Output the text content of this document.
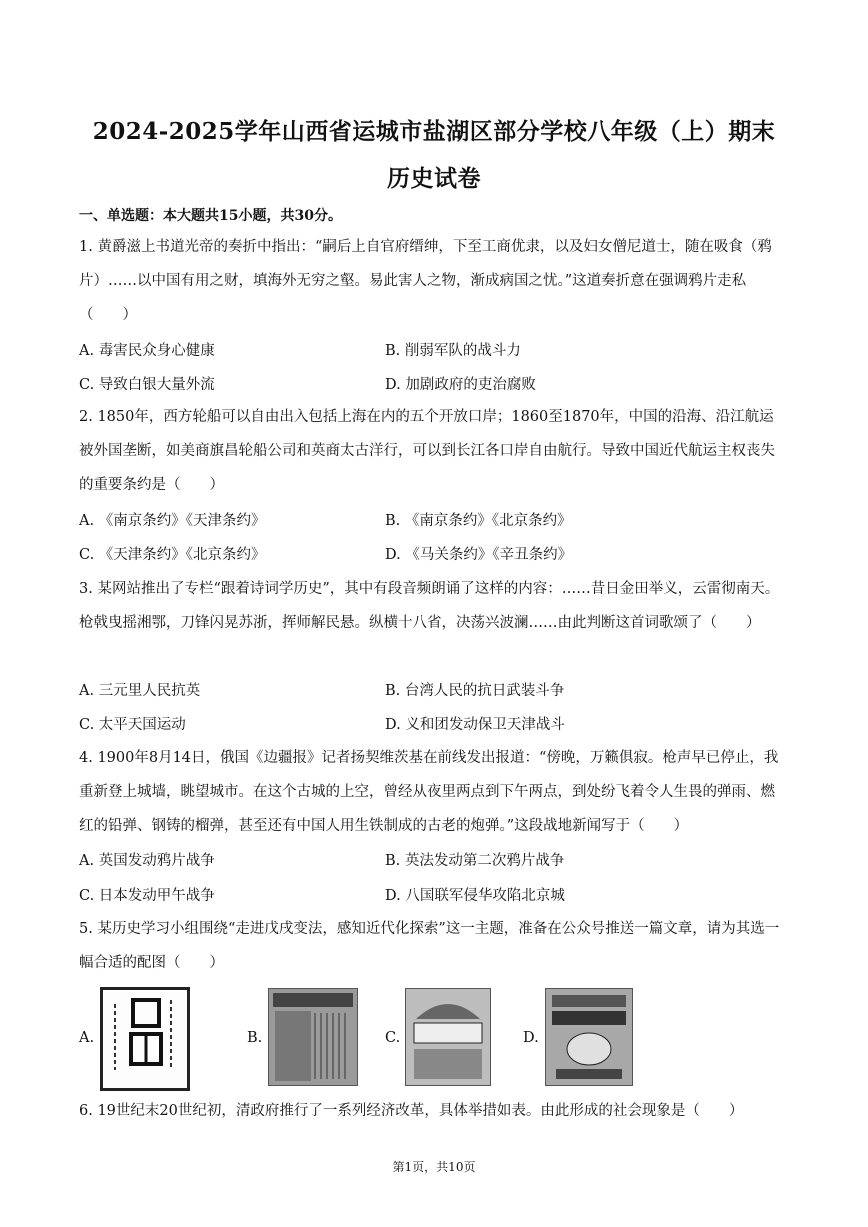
2024-2025学年山西省运城市盐湖区部分学校八年级（上）期末
历史试卷
一、单选题：本大题共15小题，共30分。
1. 黄爵滋上书道光帝的奏折中指出：“嗣后上自官府缙绅，下至工商优隶，以及妇女僧尼道士，随在吸食（鸦片）……以中国有用之财，填海外无穷之壑。易此害人之物，渐成病国之忧。”这道奏折意在强调鸦片走私（　　）
A. 毒害民众身心健康	B. 削弱军队的战斗力
C. 导致白银大量外流	D. 加剧政府的吏治腐败
2. 1850年，西方轮船可以自由出入包括上海在内的五个开放口岸；1860至1870年，中国的沿海、沿江航运被外国垄断，如美商旗昌轮船公司和英商太古洋行，可以到长江各口岸自由航行。导致中国近代航运主权丧失的重要条约是（　　）
A. 《南京条约》《天津条约》	B. 《南京条约》《北京条约》
C. 《天津条约》《北京条约》	D. 《马关条约》《辛丑条约》
3. 某网站推出了专栏“跟着诗词学历史”，其中有段音频朗诵了这样的内容：……昔日金田举义，云雷彻南天。枪戟曳摇湘鄂，刀锋闪晃苏浙，挥师解民悬。纵横十八省，决荡兴波澜……由此判断这首词歌颂了（　　）
A. 三元里人民抗英	B. 台湾人民的抗日武装斗争
C. 太平天国运动	D. 义和团发动保卫天津战斗
4. 1900年8月14日，俄国《边疆报》记者扬契维茨基在前线发出报道：“傍晚，万籁俱寂。枪声早已停止，我重新登上城墙，眺望城市。在这个古城的上空，曾经从夜里两点到下午两点，到处纷飞着令人生畏的弹雨、燃红的铅弹、钢铸的榴弹，甚至还有中国人用生铁制成的古老的炮弹。”这段战地新闻写于（　　）
A. 英国发动鸦片战争	B. 英法发动第二次鸦片战争
C. 日本发动甲午战争	D. 八国联军侵华攻陷北京城
5. 某历史学习小组围绕“走进戊戌变法，感知近代化探索”这一主题，准备在公众号推送一篇文章，请为其选一幅合适的配图（　　）
A.	B.	C.	D.
6. 19世纪末20世纪初，清政府推行了一系列经济改革，具体举措如表。由此形成的社会现象是（　　）
第1页，共10页
